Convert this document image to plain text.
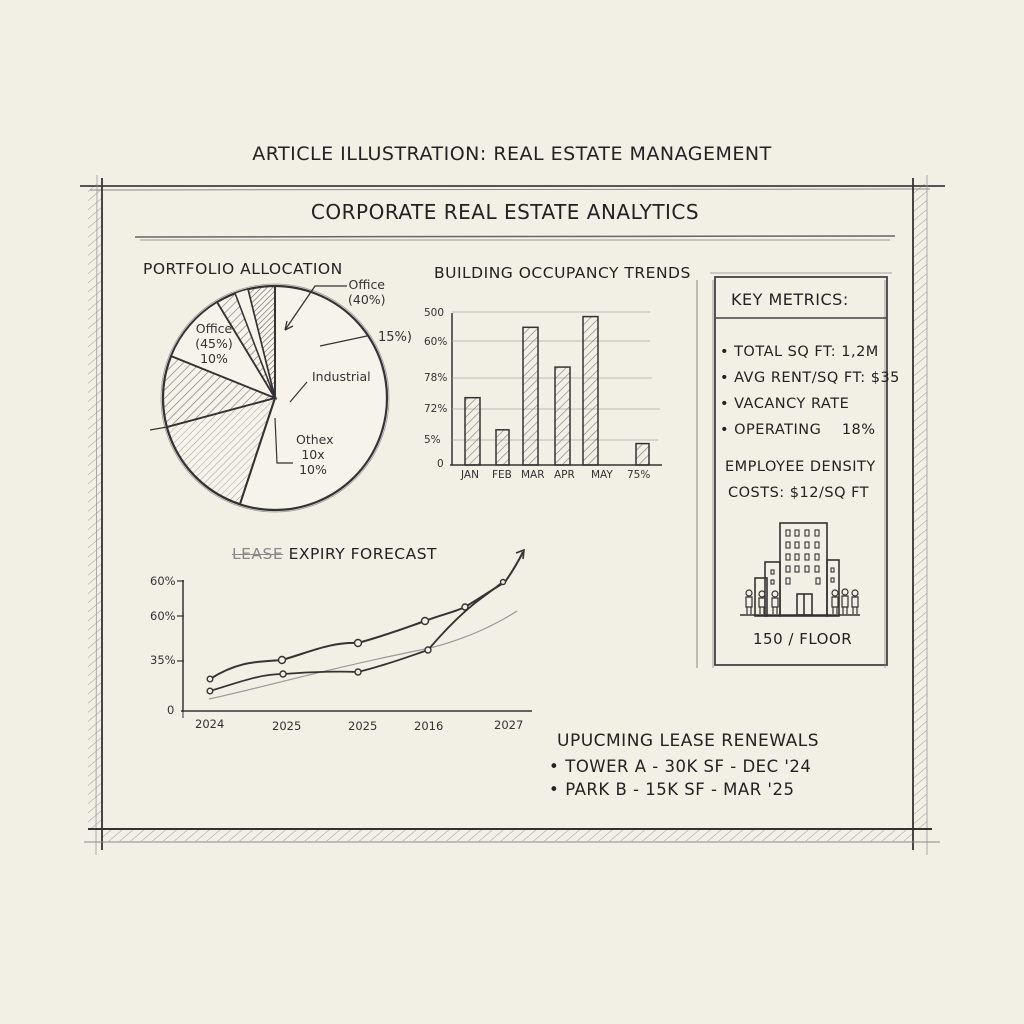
ARTICLE ILLUSTRATION: REAL ESTATE MANAGEMENT
CORPORATE REAL ESTATE ANALYTICS
PORTFOLIO ALLOCATION
Office
(40%)
15%)
Industrial
Office
(45%)
10%
Othex
10x
10%
BUILDING OCCUPANCY TRENDS
500
60%
78%
72%
5%
0
JAN FEB MAR APR MAY 75%
LEASE EXPIRY FORECAST
60%
60%
35%
0
2024	2025	2025	2016	2027
KEY METRICS:
• TOTAL SQ FT: 1,2M
• AVG RENT/SQ FT: $35
• VACANCY RATE
• OPERATING    18%
EMPLOYEE DENSITY
COSTS: $12/SQ FT
150 / FLOOR
UPUCMING LEASE RENEWALS
• TOWER A - 30K SF - DEC '24
• PARK B - 15K SF - MAR '25
